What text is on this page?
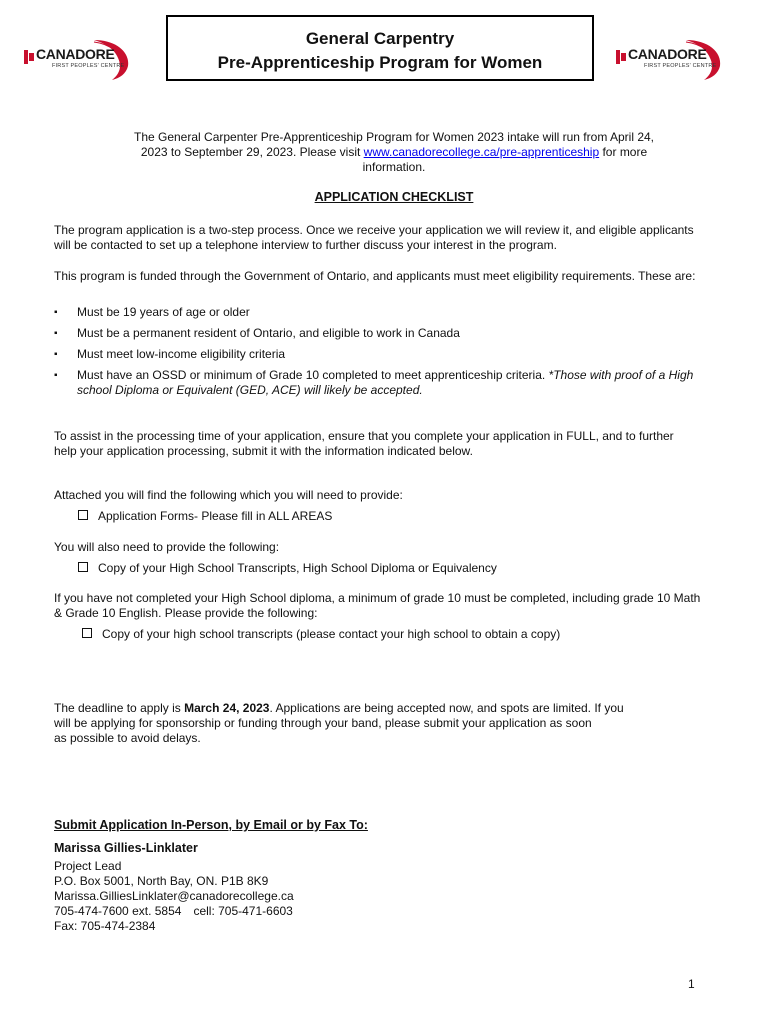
CANADORE
FIRST PEOPLES' CENTRE
General Carpentry
Pre-Apprenticeship Program for Women	CANADORE
FIRST PEOPLES' CENTRE
The General Carpenter Pre-Apprenticeship Program for Women 2023 intake will run from April 24,
2023 to September 29, 2023. Please visit www.canadorecollege.ca/pre-apprenticeship for more
information.
APPLICATION CHECKLIST
The program application is a two-step process. Once we receive your application we will review it, and eligible applicants
will be contacted to set up a telephone interview to further discuss your interest in the program.
This program is funded through the Government of Ontario, and applicants must meet eligibility requirements. These are:
▪ Must be 19 years of age or older
▪ Must be a permanent resident of Ontario, and eligible to work in Canada
▪ Must meet low-income eligibility criteria
▪ Must have an OSSD or minimum of Grade 10 completed to meet apprenticeship criteria. *Those with proof of a High
school Diploma or Equivalent (GED, ACE) will likely be accepted.
To assist in the processing time of your application, ensure that you complete your application in FULL, and to further
help your application processing, submit it with the information indicated below.
Attached you will find the following which you will need to provide:
Application Forms- Please fill in ALL AREAS
You will also need to provide the following:
Copy of your High School Transcripts, High School Diploma or Equivalency
If you have not completed your High School diploma, a minimum of grade 10 must be completed, including grade 10 Math
& Grade 10 English. Please provide the following:
Copy of your high school transcripts (please contact your high school to obtain a copy)
The deadline to apply is March 24, 2023. Applications are being accepted now, and spots are limited. If you
will be applying for sponsorship or funding through your band, please submit your application as soon
as possible to avoid delays.
Submit Application In-Person, by Email or by Fax To:
Marissa Gillies-Linklater
Project Lead
P.O. Box 5001, North Bay, ON. P1B 8K9
Marissa.GilliesLinklater@canadorecollege.ca
705-474-7600 ext. 5854 cell: 705-471-6603
Fax: 705-474-2384
1
